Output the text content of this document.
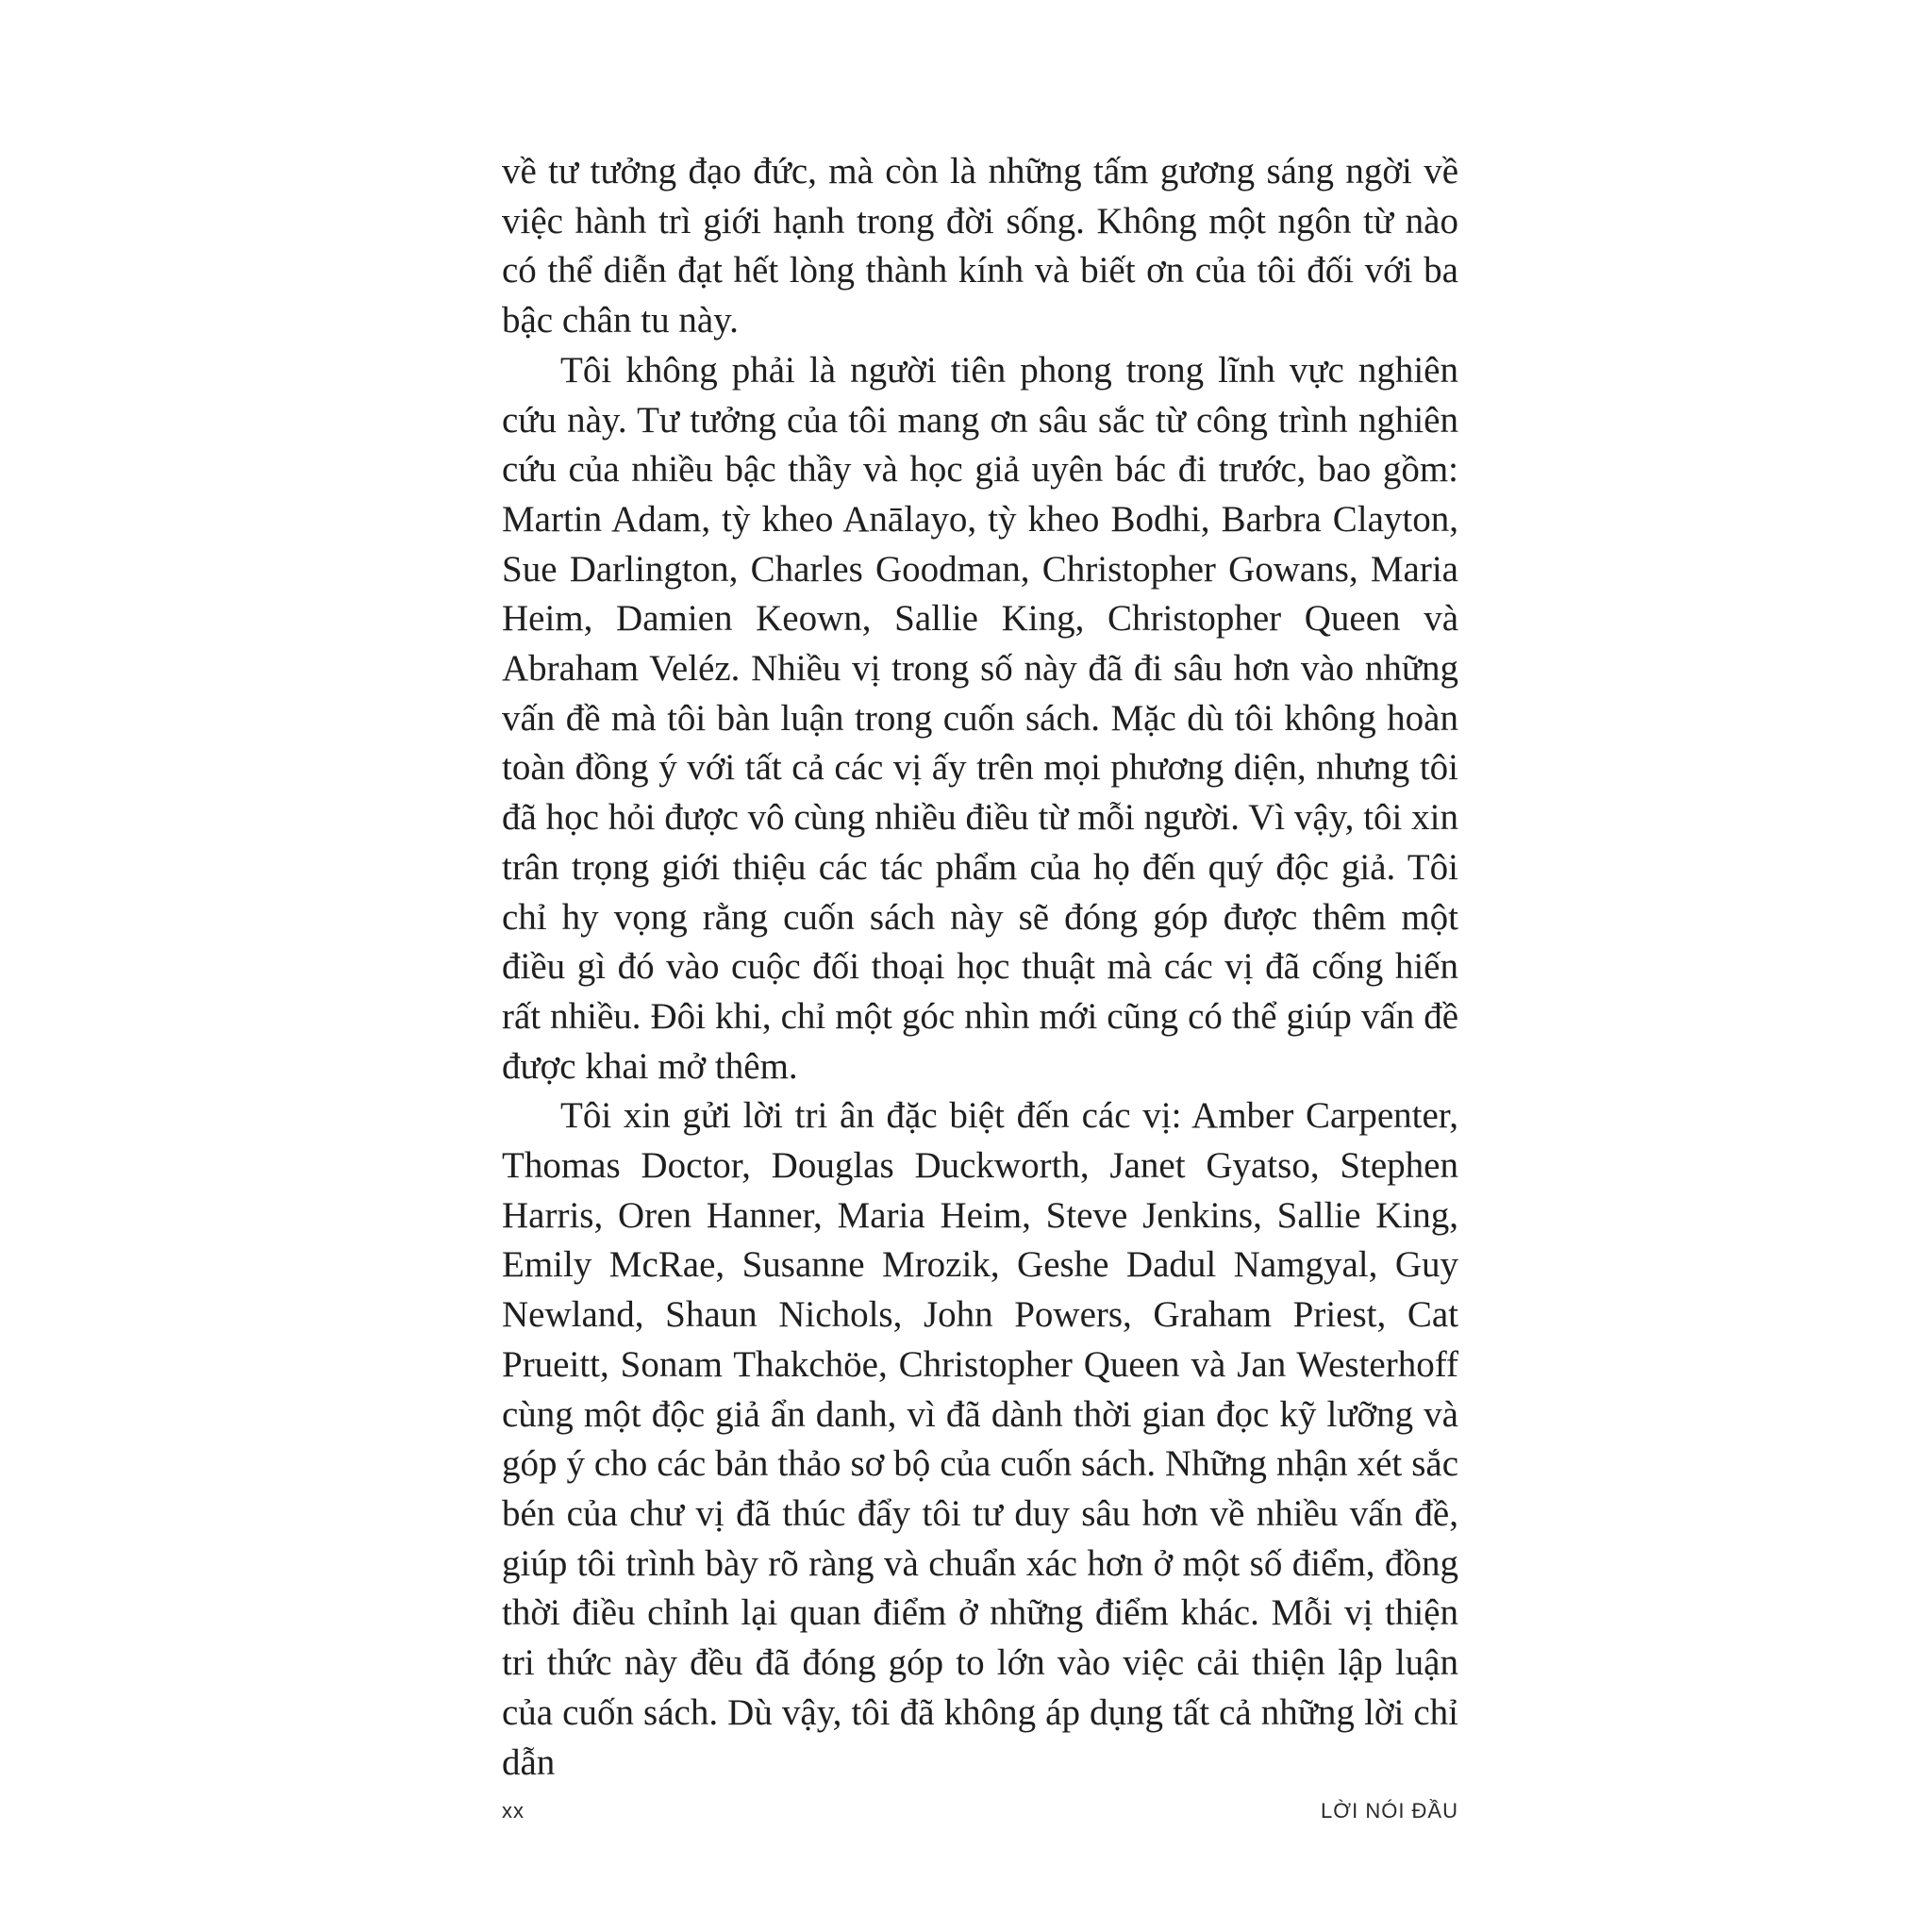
về tư tưởng đạo đức, mà còn là những tấm gương sáng ngời về việc hành trì giới hạnh trong đời sống. Không một ngôn từ nào có thể diễn đạt hết lòng thành kính và biết ơn của tôi đối với ba bậc chân tu này.

Tôi không phải là người tiên phong trong lĩnh vực nghiên cứu này. Tư tưởng của tôi mang ơn sâu sắc từ công trình nghiên cứu của nhiều bậc thầy và học giả uyên bác đi trước, bao gồm: Martin Adam, tỳ kheo Anālayo, tỳ kheo Bodhi, Barbra Clayton, Sue Darlington, Charles Goodman, Christopher Gowans, Maria Heim, Damien Keown, Sallie King, Christopher Queen và Abraham Veléz. Nhiều vị trong số này đã đi sâu hơn vào những vấn đề mà tôi bàn luận trong cuốn sách. Mặc dù tôi không hoàn toàn đồng ý với tất cả các vị ấy trên mọi phương diện, nhưng tôi đã học hỏi được vô cùng nhiều điều từ mỗi người. Vì vậy, tôi xin trân trọng giới thiệu các tác phẩm của họ đến quý độc giả. Tôi chỉ hy vọng rằng cuốn sách này sẽ đóng góp được thêm một điều gì đó vào cuộc đối thoại học thuật mà các vị đã cống hiến rất nhiều. Đôi khi, chỉ một góc nhìn mới cũng có thể giúp vấn đề được khai mở thêm.

Tôi xin gửi lời tri ân đặc biệt đến các vị: Amber Carpenter, Thomas Doctor, Douglas Duckworth, Janet Gyatso, Stephen Harris, Oren Hanner, Maria Heim, Steve Jenkins, Sallie King, Emily McRae, Susanne Mrozik, Geshe Dadul Namgyal, Guy Newland, Shaun Nichols, John Powers, Graham Priest, Cat Prueitt, Sonam Thakchöe, Christopher Queen và Jan Westerhoff cùng một độc giả ẩn danh, vì đã dành thời gian đọc kỹ lưỡng và góp ý cho các bản thảo sơ bộ của cuốn sách. Những nhận xét sắc bén của chư vị đã thúc đẩy tôi tư duy sâu hơn về nhiều vấn đề, giúp tôi trình bày rõ ràng và chuẩn xác hơn ở một số điểm, đồng thời điều chỉnh lại quan điểm ở những điểm khác. Mỗi vị thiện tri thức này đều đã đóng góp to lớn vào việc cải thiện lập luận của cuốn sách. Dù vậy, tôi đã không áp dụng tất cả những lời chỉ dẫn

xx	LỜI NÓI ĐẦU
